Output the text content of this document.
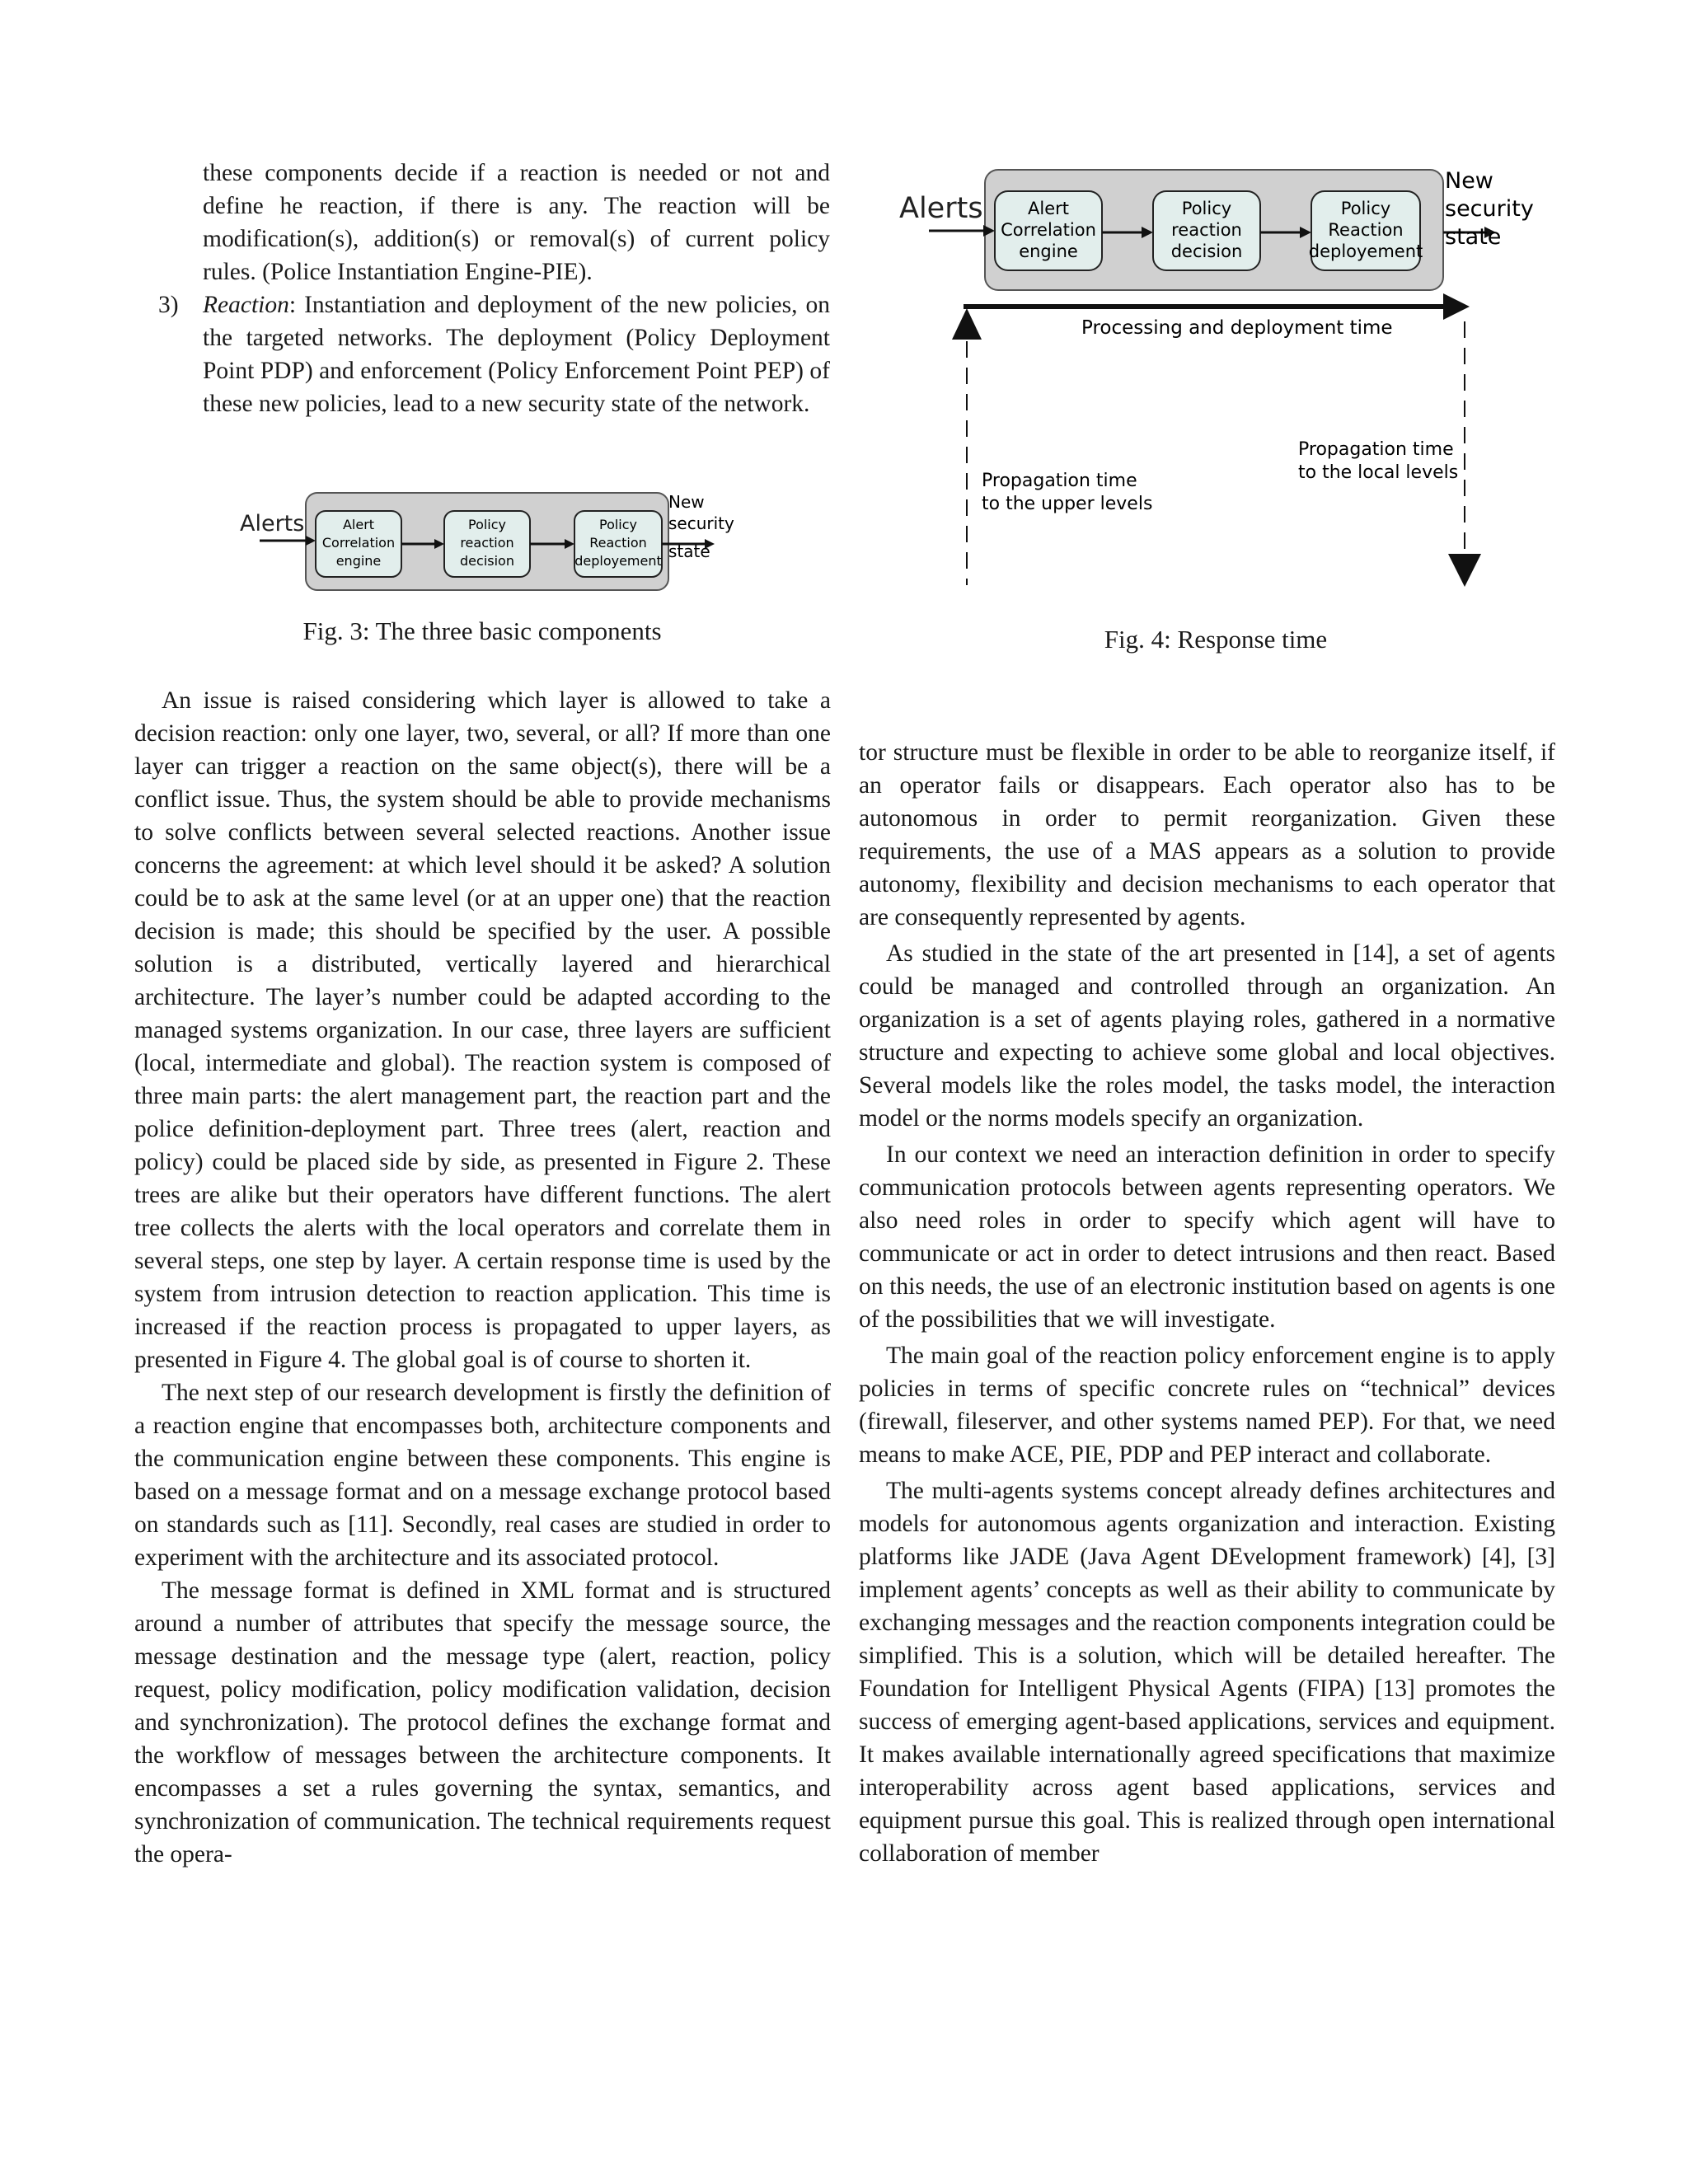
these components decide if a reaction is needed or not and define he reaction, if there is any. The reaction will be modification(s), addition(s) or removal(s) of current policy rules. (Police Instantiation Engine-PIE).

3) Reaction: Instantiation and deployment of the new policies, on the targeted networks. The deployment (Policy Deployment Point PDP) and enforcement (Policy Enforcement Point PEP) of these new policies, lead to a new security state of the network.

Alerts	Alert
Correlation
engine
Policy
reaction
decision
Policy
Reaction
deployement
New
security
state
Fig. 3: The three basic components
Alerts	Alert
Correlation
engine
Policy
reaction
decision
Policy
Reaction
deployement
New
security
state
Processing and deployment time
Propagation time
to the upper levels
Propagation time
to the local levels
Fig. 4: Response time

An issue is raised considering which layer is allowed to take a decision reaction: only one layer, two, several, or all? If more than one layer can trigger a reaction on the same object(s), there will be a conflict issue. Thus, the system should be able to provide mechanisms to solve conflicts between several selected reactions. Another issue concerns the agreement: at which level should it be asked? A solution could be to ask at the same level (or at an upper one) that the reaction decision is made; this should be specified by the user. A possible solution is a distributed, vertically layered and hierarchical architecture. The layer’s number could be adapted according to the managed systems organization. In our case, three layers are sufficient (local, intermediate and global). The reaction system is composed of three main parts: the alert management part, the reaction part and the police definition-deployment part. Three trees (alert, reaction and policy) could be placed side by side, as presented in Figure 2. These trees are alike but their operators have different functions. The alert tree collects the alerts with the local operators and correlate them in several steps, one step by layer. A certain response time is used by the system from intrusion detection to reaction application. This time is increased if the reaction process is propagated to upper layers, as presented in Figure 4. The global goal is of course to shorten it.

The next step of our research development is firstly the definition of a reaction engine that encompasses both, architecture components and the communication engine between these components. This engine is based on a message format and on a message exchange protocol based on standards such as [11]. Secondly, real cases are studied in order to experiment with the architecture and its associated protocol.

The message format is defined in XML format and is structured around a number of attributes that specify the message source, the message destination and the message type (alert, reaction, policy request, policy modification, policy modification validation, decision and synchronization). The protocol defines the exchange format and the workflow of messages between the architecture components. It encompasses a set a rules governing the syntax, semantics, and synchronization of communication. The technical requirements request the opera-

tor structure must be flexible in order to be able to reorganize itself, if an operator fails or disappears. Each operator also has to be autonomous in order to permit reorganization. Given these requirements, the use of a MAS appears as a solution to provide autonomy, flexibility and decision mechanisms to each operator that are consequently represented by agents.

As studied in the state of the art presented in [14], a set of agents could be managed and controlled through an organization. An organization is a set of agents playing roles, gathered in a normative structure and expecting to achieve some global and local objectives. Several models like the roles model, the tasks model, the interaction model or the norms models specify an organization.

In our context we need an interaction definition in order to specify communication protocols between agents representing operators. We also need roles in order to specify which agent will have to communicate or act in order to detect intrusions and then react. Based on this needs, the use of an electronic institution based on agents is one of the possibilities that we will investigate.

The main goal of the reaction policy enforcement engine is to apply policies in terms of specific concrete rules on “technical” devices (firewall, fileserver, and other systems named PEP). For that, we need means to make ACE, PIE, PDP and PEP interact and collaborate.

The multi-agents systems concept already defines architectures and models for autonomous agents organization and interaction. Existing platforms like JADE (Java Agent DEvelopment framework) [4], [3] implement agents’ concepts as well as their ability to communicate by exchanging messages and the reaction components integration could be simplified. This is a solution, which will be detailed hereafter. The Foundation for Intelligent Physical Agents (FIPA) [13] promotes the success of emerging agent-based applications, services and equipment. It makes available internationally agreed specifications that maximize interoperability across agent based applications, services and equipment pursue this goal. This is realized through open international collaboration of member
